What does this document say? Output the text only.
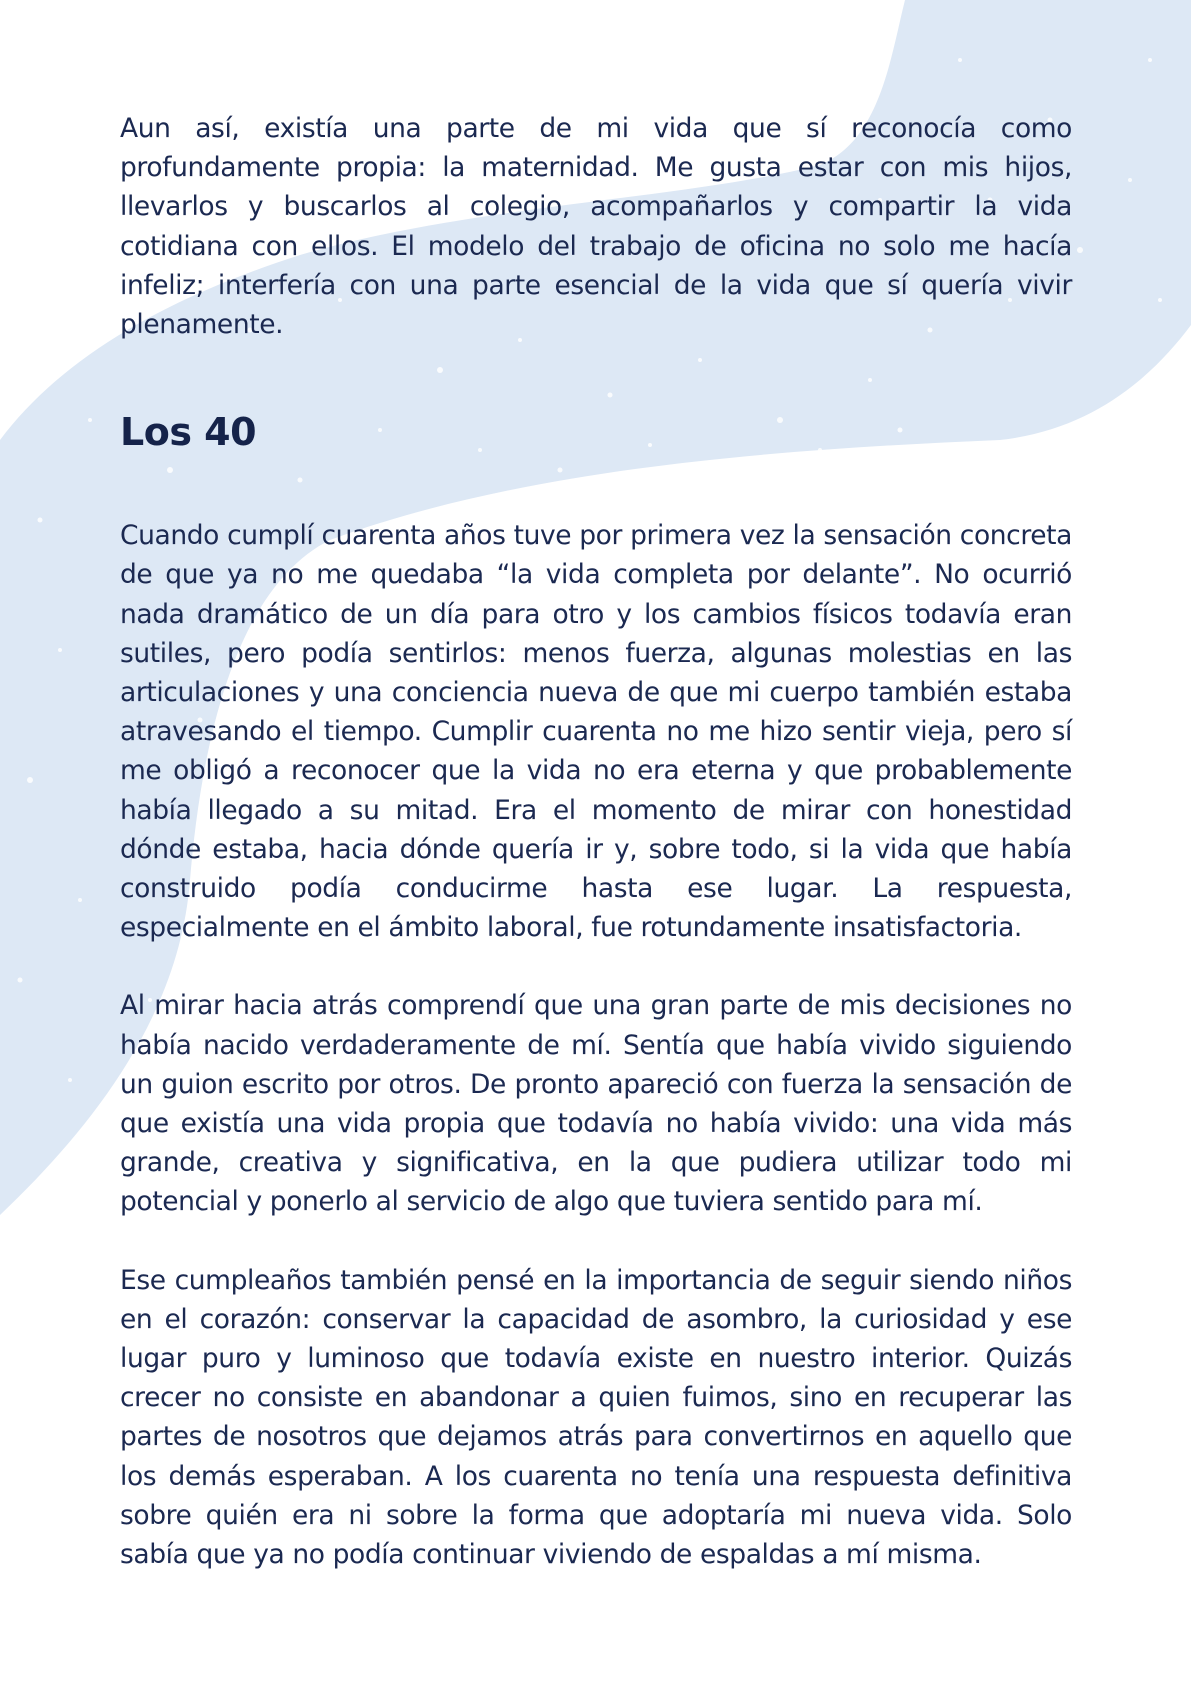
Aun así, existía una parte de mi vida que sí reconocía como profundamente propia: la maternidad. Me gusta estar con mis hijos, llevarlos y buscarlos al colegio, acompañarlos y compartir la vida cotidiana con ellos. El modelo del trabajo de oficina no solo me hacía infeliz; interfería con una parte esencial de la vida que sí quería vivir plenamente.

Los 40

Cuando cumplí cuarenta años tuve por primera vez la sensación concreta de que ya no me quedaba “la vida completa por delante”. No ocurrió nada dramático de un día para otro y los cambios físicos todavía eran sutiles, pero podía sentirlos: menos fuerza, algunas molestias en las articulaciones y una conciencia nueva de que mi cuerpo también estaba atravesando el tiempo. Cumplir cuarenta no me hizo sentir vieja, pero sí me obligó a reconocer que la vida no era eterna y que probablemente había llegado a su mitad. Era el momento de mirar con honestidad dónde estaba, hacia dónde quería ir y, sobre todo, si la vida que había construido podía conducirme hasta ese lugar. La respuesta, especialmente en el ámbito laboral, fue rotundamente insatisfactoria.

Al mirar hacia atrás comprendí que una gran parte de mis decisiones no había nacido verdaderamente de mí. Sentía que había vivido siguiendo un guion escrito por otros. De pronto apareció con fuerza la sensación de que existía una vida propia que todavía no había vivido: una vida más grande, creativa y significativa, en la que pudiera utilizar todo mi potencial y ponerlo al servicio de algo que tuviera sentido para mí.

Ese cumpleaños también pensé en la importancia de seguir siendo niños en el corazón: conservar la capacidad de asombro, la curiosidad y ese lugar puro y luminoso que todavía existe en nuestro interior. Quizás crecer no consiste en abandonar a quien fuimos, sino en recuperar las partes de nosotros que dejamos atrás para convertirnos en aquello que los demás esperaban. A los cuarenta no tenía una respuesta definitiva sobre quién era ni sobre la forma que adoptaría mi nueva vida. Solo sabía que ya no podía continuar viviendo de espaldas a mí misma.
